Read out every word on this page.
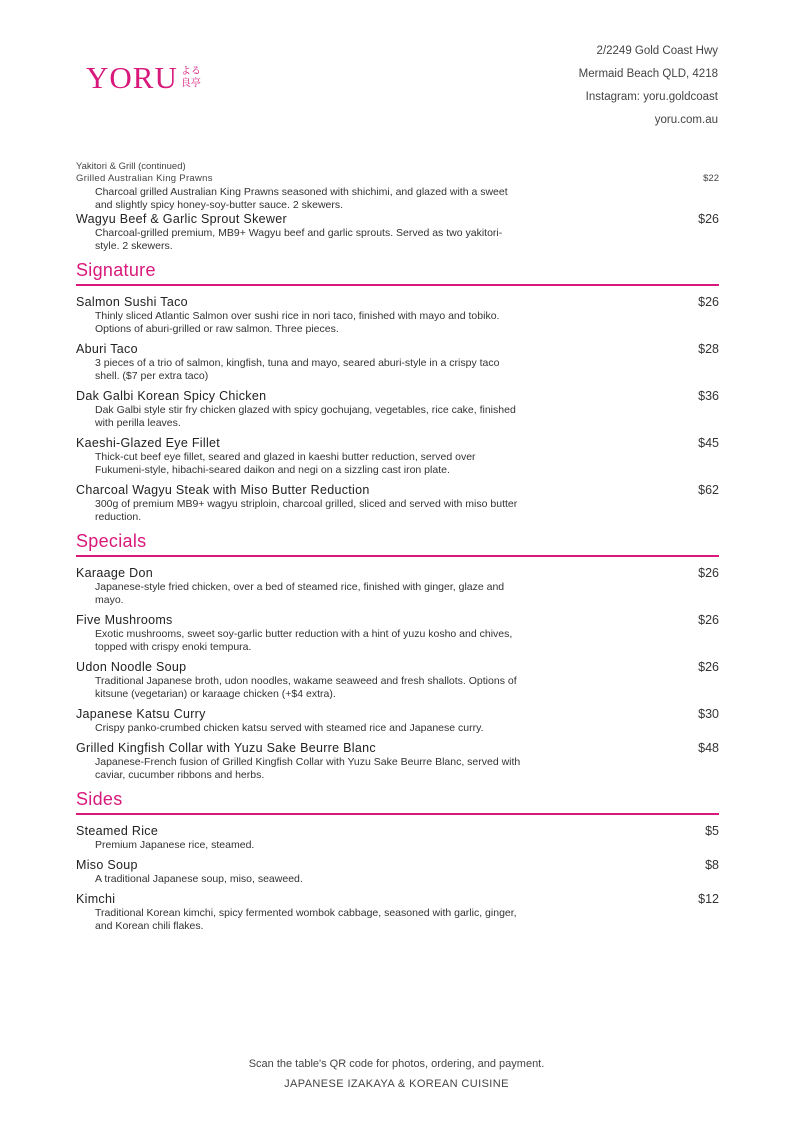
YORU よる
良亭
2/2249 Gold Coast Hwy
Mermaid Beach QLD, 4218
Instagram: yoru.goldcoast
yoru.com.au
Yakitori & Grill (continued)
Grilled Australian King Prawns	$22
Charcoal grilled Australian King Prawns seasoned with shichimi, and glazed with a sweet and slightly spicy honey-soy-butter sauce. 2 skewers.
Wagyu Beef & Garlic Sprout Skewer	$26
Charcoal-grilled premium, MB9+ Wagyu beef and garlic sprouts. Served as two yakitori-style. 2 skewers.
Signature
Salmon Sushi Taco	$26
Thinly sliced Atlantic Salmon over sushi rice in nori taco, finished with mayo and tobiko. Options of aburi-grilled or raw salmon. Three pieces.
Aburi Taco	$28
3 pieces of a trio of salmon, kingfish, tuna and mayo, seared aburi-style in a crispy taco shell. ($7 per extra taco)
Dak Galbi Korean Spicy Chicken	$36
Dak Galbi style stir fry chicken glazed with spicy gochujang, vegetables, rice cake, finished with perilla leaves.
Kaeshi-Glazed Eye Fillet	$45
Thick-cut beef eye fillet, seared and glazed in kaeshi butter reduction, served over Fukumeni-style, hibachi-seared daikon and negi on a sizzling cast iron plate.
Charcoal Wagyu Steak with Miso Butter Reduction	$62
300g of premium MB9+ wagyu striploin, charcoal grilled, sliced and served with miso butter reduction.
Specials
Karaage Don	$26
Japanese-style fried chicken, over a bed of steamed rice, finished with ginger, glaze and mayo.
Five Mushrooms	$26
Exotic mushrooms, sweet soy-garlic butter reduction with a hint of yuzu kosho and chives, topped with crispy enoki tempura.
Udon Noodle Soup	$26
Traditional Japanese broth, udon noodles, wakame seaweed and fresh shallots. Options of kitsune (vegetarian) or karaage chicken (+$4 extra).
Japanese Katsu Curry	$30
Crispy panko-crumbed chicken katsu served with steamed rice and Japanese curry.
Grilled Kingfish Collar with Yuzu Sake Beurre Blanc	$48
Japanese-French fusion of Grilled Kingfish Collar with Yuzu Sake Beurre Blanc, served with caviar, cucumber ribbons and herbs.
Sides
Steamed Rice	$5
Premium Japanese rice, steamed.
Miso Soup	$8
A traditional Japanese soup, miso, seaweed.
Kimchi	$12
Traditional Korean kimchi, spicy fermented wombok cabbage, seasoned with garlic, ginger, and Korean chili flakes.
Scan the table's QR code for photos, ordering, and payment.
JAPANESE IZAKAYA & KOREAN CUISINE
